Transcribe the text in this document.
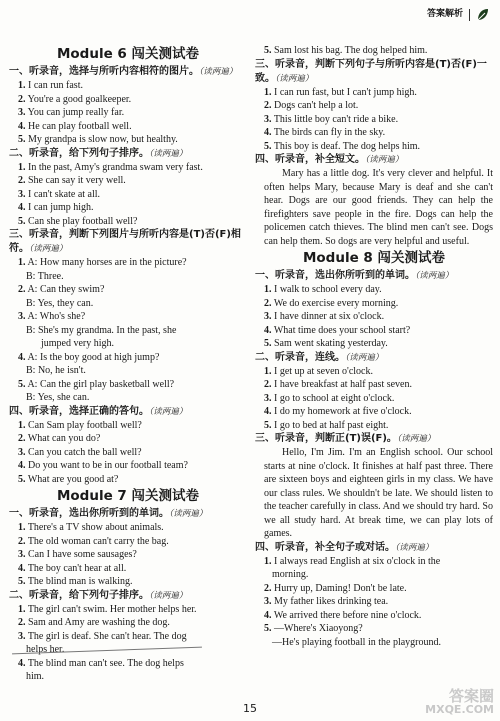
答案解析
Module 6 闯关测试卷
一、听录音，选择与所听内容相符的图片。（读两遍）
1. I can run fast.
2. You're a good goalkeeper.
3. You can jump really far.
4. He can play football well.
5. My grandpa is slow now, but healthy.
二、听录音，给下列句子排序。（读两遍）
1. In the past, Amy's grandma swam very fast.
2. She can say it very well.
3. I can't skate at all.
4. I can jump high.
5. Can she play football well?
三、听录音，判断下列图片与所听内容是(T)否(F)相符。（读两遍）
1. A: How many horses are in the picture?
B: Three.
2. A: Can they swim?
B: Yes, they can.
3. A: Who's she?
B: She's my grandma. In the past, she
jumped very high.
4. A: Is the boy good at high jump?
B: No, he isn't.
5. A: Can the girl play basketball well?
B: Yes, she can.
四、听录音，选择正确的答句。（读两遍）
1. Can Sam play football well?
2. What can you do?
3. Can you catch the ball well?
4. Do you want to be in our football team?
5. What are you good at?
Module 7 闯关测试卷
一、听录音，选出你所听到的单词。（读两遍）
1. There's a TV show about animals.
2. The old woman can't carry the bag.
3. Can I have some sausages?
4. The boy can't hear at all.
5. The blind man is walking.
二、听录音，给下列句子排序。（读两遍）
1. The girl can't swim. Her mother helps her.
2. Sam and Amy are washing the dog.
3. The girl is deaf. She can't hear. The dog
helps her.
4. The blind man can't see. The dog helps
him.
5. Sam lost his bag. The dog helped him.
三、听录音，判断下列句子与所听内容是(T)否(F)一致。（读两遍）
1. I can run fast, but I can't jump high.
2. Dogs can't help a lot.
3. This little boy can't ride a bike.
4. The birds can fly in the sky.
5. This boy is deaf. The dog helps him.
四、听录音，补全短文。（读两遍）
Mary has a little dog. It's very clever and helpful. It often helps Mary, because Mary is deaf and she can't hear. Dogs are our good friends. They can help the firefighters save people in the fire. Dogs can help the policemen catch thieves. The blind men can't see. Dogs can help them. So dogs are very helpful and useful.
Module 8 闯关测试卷
一、听录音，选出你所听到的单词。（读两遍）
1. I walk to school every day.
2. We do exercise every morning.
3. I have dinner at six o'clock.
4. What time does your school start?
5. Sam went skating yesterday.
二、听录音，连线。（读两遍）
1. I get up at seven o'clock.
2. I have breakfast at half past seven.
3. I go to school at eight o'clock.
4. I do my homework at five o'clock.
5. I go to bed at half past eight.
三、听录音，判断正(T)误(F)。（读两遍）
Hello, I'm Jim. I'm an English school. Our school starts at nine o'clock. It finishes at half past three. There are sixteen boys and eighteen girls in my class. We have our class rules. We shouldn't be late. We should listen to the teacher carefully in class. And we should try hard. So we all study hard. At break time, we can play lots of games.
四、听录音，补全句子或对话。（读两遍）
1. I always read English at six o'clock in the
morning.
2. Hurry up, Daming! Don't be late.
3. My father likes drinking tea.
4. We arrived there before nine o'clock.
5. —Where's Xiaoyong?
—He's playing football in the playground.
15
答案圈
MXQE.COM
